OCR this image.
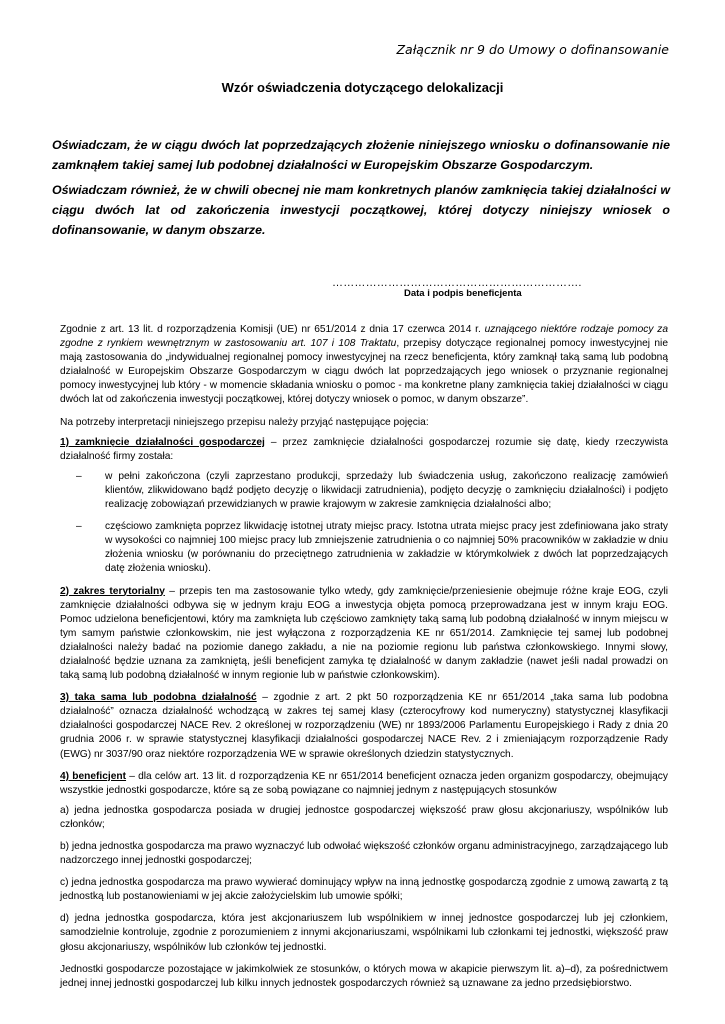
Załącznik nr 9 do Umowy o dofinansowanie
Wzór oświadczenia dotyczącego delokalizacji

Oświadczam, że w ciągu dwóch lat poprzedzających złożenie niniejszego wniosku o dofinansowanie nie zamknąłem takiej samej lub podobnej działalności w Europejskim Obszarze Gospodarczym.

Oświadczam również, że w chwili obecnej nie mam konkretnych planów zamknięcia takiej działalności w ciągu dwóch lat od zakończenia inwestycji początkowej, której dotyczy niniejszy wniosek o dofinansowanie, w danym obszarze.

………………………………………………………….
Data i podpis beneficjenta

Zgodnie z art. 13 lit. d rozporządzenia Komisji (UE) nr 651/2014 z dnia 17 czerwca 2014 r. uznającego niektóre rodzaje pomocy za zgodne z rynkiem wewnętrznym w zastosowaniu art. 107 i 108 Traktatu, przepisy dotyczące regionalnej pomocy inwestycyjnej nie mają zastosowania do „indywidualnej regionalnej pomocy inwestycyjnej na rzecz beneficjenta, który zamknął taką samą lub podobną działalność w Europejskim Obszarze Gospodarczym w ciągu dwóch lat poprzedzających jego wniosek o przyznanie regionalnej pomocy inwestycyjnej lub który - w momencie składania wniosku o pomoc - ma konkretne plany zamknięcia takiej działalności w ciągu dwóch lat od zakończenia inwestycji początkowej, której dotyczy wniosek o pomoc, w danym obszarze”.

Na potrzeby interpretacji niniejszego przepisu należy przyjąć następujące pojęcia:

1) zamknięcie działalności gospodarczej – przez zamknięcie działalności gospodarczej rozumie się datę, kiedy rzeczywista działalność firmy została:

– w pełni zakończona (czyli zaprzestano produkcji, sprzedaży lub świadczenia usług, zakończono realizację zamówień klientów, zlikwidowano bądź podjęto decyzję o likwidacji zatrudnienia), podjęto decyzję o zamknięciu działalności) i podjęto realizację zobowiązań przewidzianych w prawie krajowym w zakresie zamknięcia działalności albo;
– częściowo zamknięta poprzez likwidację istotnej utraty miejsc pracy. Istotna utrata miejsc pracy jest zdefiniowana jako straty w wysokości co najmniej 100 miejsc pracy lub zmniejszenie zatrudnienia o co najmniej 50% pracowników w zakładzie w dniu złożenia wniosku (w porównaniu do przeciętnego zatrudnienia w zakładzie w którymkolwiek z dwóch lat poprzedzających datę złożenia wniosku).

2) zakres terytorialny – przepis ten ma zastosowanie tylko wtedy, gdy zamknięcie/przeniesienie obejmuje różne kraje EOG, czyli zamknięcie działalności odbywa się w jednym kraju EOG a inwestycja objęta pomocą przeprowadzana jest w innym kraju EOG. Pomoc udzielona beneficjentowi, który ma zamknięta lub częściowo zamknięty taką samą lub podobną działalność w innym miejscu w tym samym państwie członkowskim, nie jest wyłączona z rozporządzenia KE nr 651/2014. Zamknięcie tej samej lub podobnej działalności należy badać na poziomie danego zakładu, a nie na poziomie regionu lub państwa członkowskiego. Innymi słowy, działalność będzie uznana za zamkniętą, jeśli beneficjent zamyka tę działalność w danym zakładzie (nawet jeśli nadal prowadzi on taką samą lub podobną działalność w innym regionie lub w państwie członkowskim).

3) taka sama lub podobna działalność – zgodnie z art. 2 pkt 50 rozporządzenia KE nr 651/2014 „taka sama lub podobna działalność” oznacza działalność wchodzącą w zakres tej samej klasy (czterocyfrowy kod numeryczny) statystycznej klasyfikacji działalności gospodarczej NACE Rev. 2 określonej w rozporządzeniu (WE) nr 1893/2006 Parlamentu Europejskiego i Rady z dnia 20 grudnia 2006 r. w sprawie statystycznej klasyfikacji działalności gospodarczej NACE Rev. 2 i zmieniającym rozporządzenie Rady (EWG) nr 3037/90 oraz niektóre rozporządzenia WE w sprawie określonych dziedzin statystycznych.

4) beneficjent – dla celów art. 13 lit. d rozporządzenia KE nr 651/2014 beneficjent oznacza jeden organizm gospodarczy, obejmujący wszystkie jednostki gospodarcze, które są ze sobą powiązane co najmniej jednym z następujących stosunków

a) jedna jednostka gospodarcza posiada w drugiej jednostce gospodarczej większość praw głosu akcjonariuszy, wspólników lub członków;

b) jedna jednostka gospodarcza ma prawo wyznaczyć lub odwołać większość członków organu administracyjnego, zarządzającego lub nadzorczego innej jednostki gospodarczej;

c) jedna jednostka gospodarcza ma prawo wywierać dominujący wpływ na inną jednostkę gospodarczą zgodnie z umową zawartą z tą jednostką lub postanowieniami w jej akcie założycielskim lub umowie spółki;

d) jedna jednostka gospodarcza, która jest akcjonariuszem lub wspólnikiem w innej jednostce gospodarczej lub jej członkiem, samodzielnie kontroluje, zgodnie z porozumieniem z innymi akcjonariuszami, wspólnikami lub członkami tej jednostki, większość praw głosu akcjonariuszy, wspólników lub członków tej jednostki.

Jednostki gospodarcze pozostające w jakimkolwiek ze stosunków, o których mowa w akapicie pierwszym lit. a)–d), za pośrednictwem jednej innej jednostki gospodarczej lub kilku innych jednostek gospodarczych również są uznawane za jedno przedsiębiorstwo.
